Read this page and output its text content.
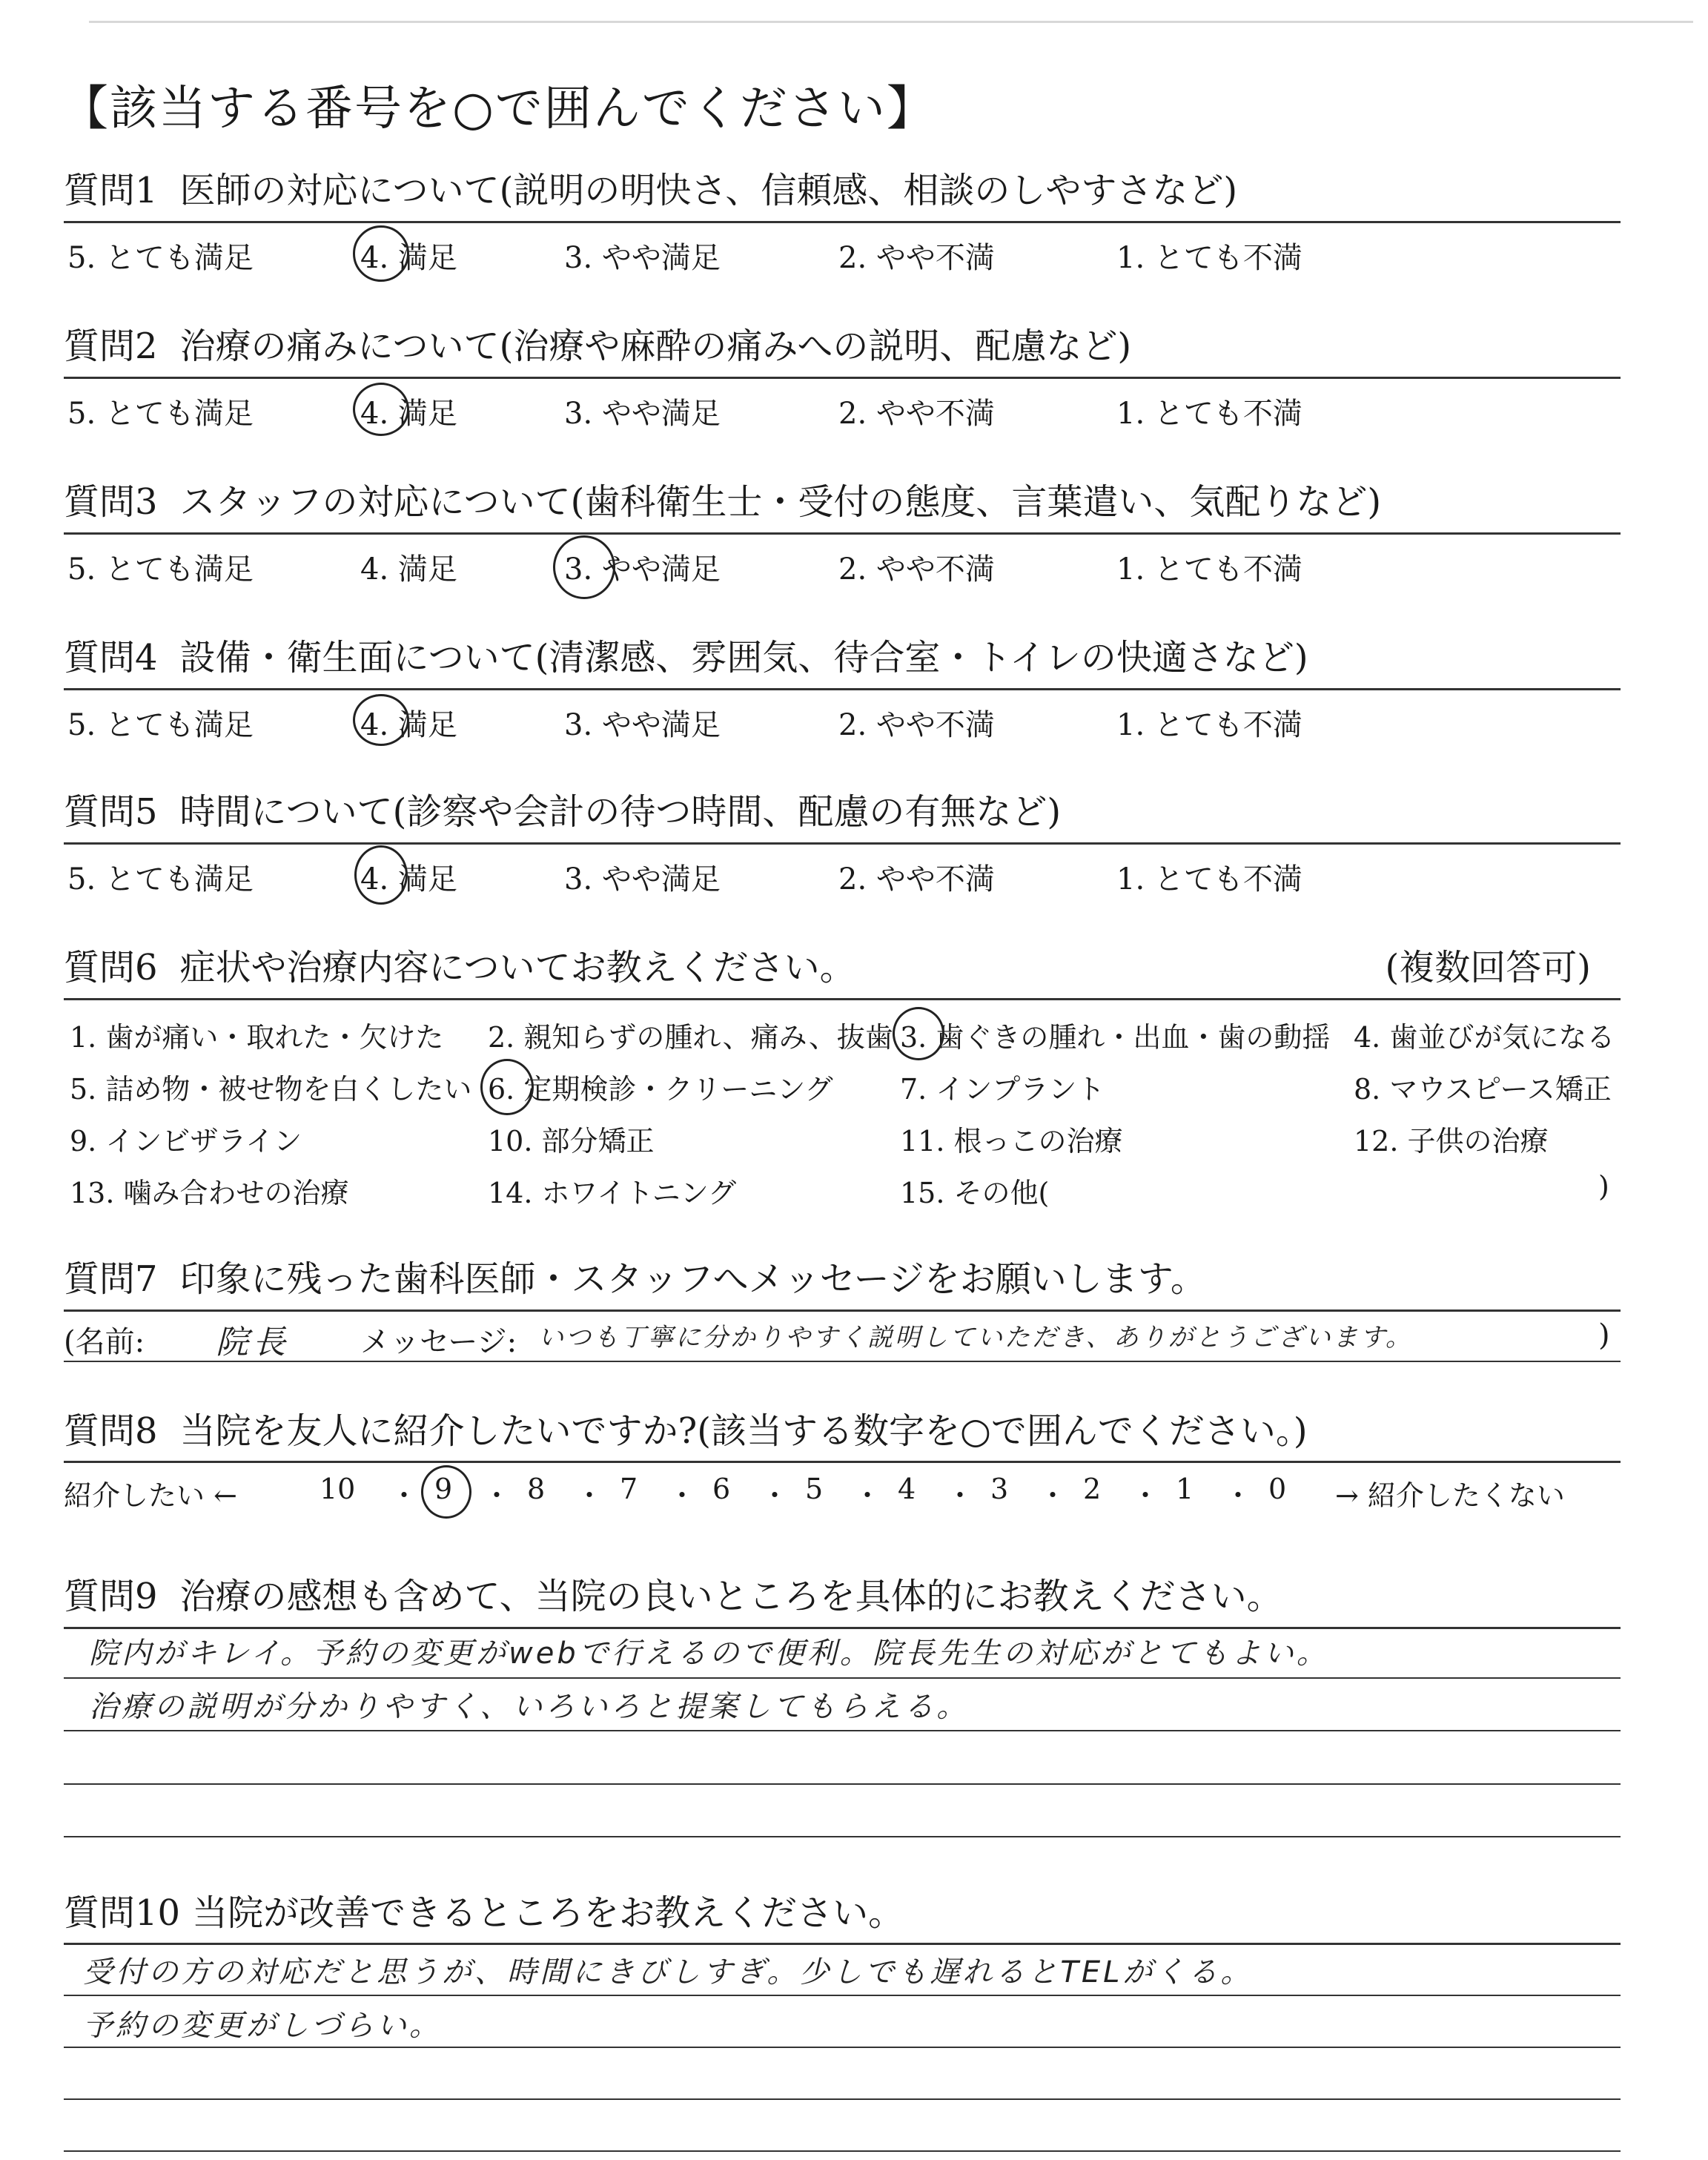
【該当する番号を○で囲んでください】
質問1 医師の対応について(説明の明快さ、信頼感、相談のしやすさなど)
5. とても満足	4. 満足	3. やや満足	2. やや不満	1. とても不満
質問2 治療の痛みについて(治療や麻酔の痛みへの説明、配慮など)
5. とても満足	4. 満足	3. やや満足	2. やや不満	1. とても不満
質問3 スタッフの対応について(歯科衛生士・受付の態度、言葉遣い、気配りなど)
5. とても満足	4. 満足	3. やや満足	2. やや不満	1. とても不満
質問4 設備・衛生面について(清潔感、雰囲気、待合室・トイレの快適さなど)
5. とても満足	4. 満足	3. やや満足	2. やや不満	1. とても不満
質問5 時間について(診察や会計の待つ時間、配慮の有無など)
5. とても満足	4. 満足	3. やや満足	2. やや不満	1. とても不満
質問6 症状や治療内容についてお教えください。	(複数回答可)
1. 歯が痛い・取れた・欠けた 2. 親知らずの腫れ、痛み、抜歯 3. 歯ぐきの腫れ・出血・歯の動揺 4. 歯並びが気になる
5. 詰め物・被せ物を白くしたい 6. 定期検診・クリーニング 7. インプラント	8. マウスピース矯正
9. インビザライン	10. 部分矯正	11. 根っこの治療	12. 子供の治療
13. 噛み合わせの治療	14. ホワイトニング	15. その他(	)
質問7 印象に残った歯科医師・スタッフへメッセージをお願いします。
(名前: 院長 メッセージ: いつも丁寧に分かりやすく説明していただき、ありがとうございます。	)
質問8 当院を友人に紹介したいですか?(該当する数字を○で囲んでください。)
紹介したい ←	10 ・ 9 ・ 8 ・ 7 ・ 6 ・ 5 ・ 4 ・ 3 ・ 2 ・ 1 ・ 0 → 紹介したくない
質問9 治療の感想も含めて、当院の良いところを具体的にお教えください。
院内がキレイ。予約の変更がwebで行えるので便利。院長先生の対応がとてもよい。
治療の説明が分かりやすく、いろいろと提案してもらえる。
質問10 当院が改善できるところをお教えください。
受付の方の対応だと思うが、時間にきびしすぎ。少しでも遅れるとTELがくる。
予約の変更がしづらい。
